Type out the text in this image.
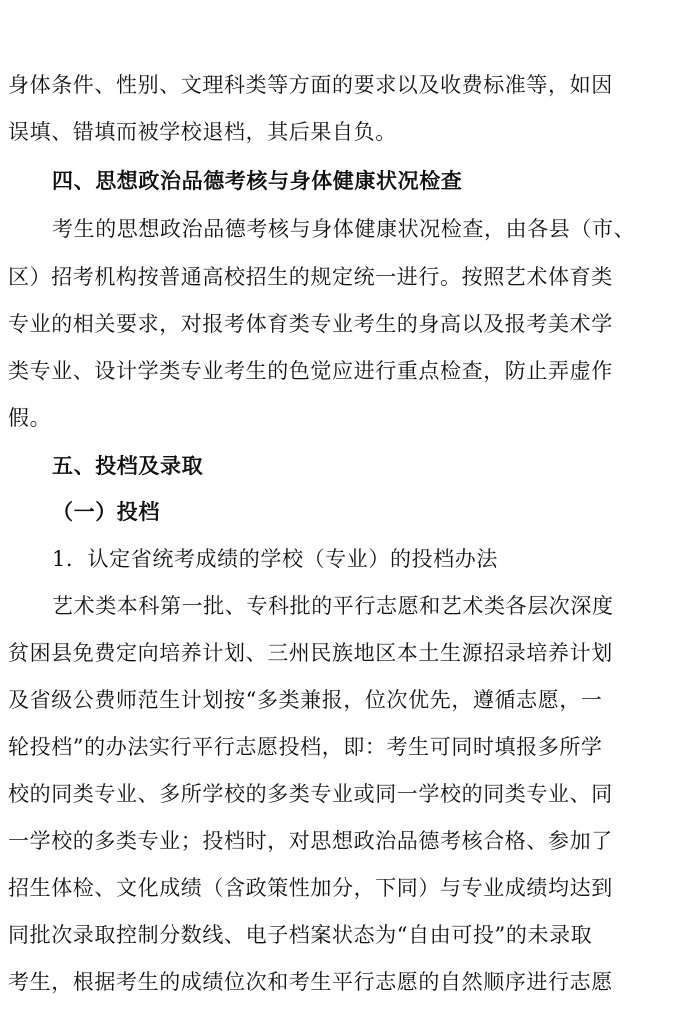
身体条件、性别、文理科类等方面的要求以及收费标准等，如因
误填、错填而被学校退档，其后果自负。
四、思想政治品德考核与身体健康状况检查
考生的思想政治品德考核与身体健康状况检查，由各县（市、
区）招考机构按普通高校招生的规定统一进行。按照艺术体育类
专业的相关要求，对报考体育类专业考生的身高以及报考美术学
类专业、设计学类专业考生的色觉应进行重点检查，防止弄虚作
假。
五、投档及录取
（一）投档
1．认定省统考成绩的学校（专业）的投档办法
艺术类本科第一批、专科批的平行志愿和艺术类各层次深度
贫困县免费定向培养计划、三州民族地区本土生源招录培养计划
及省级公费师范生计划按“多类兼报，位次优先，遵循志愿，一
轮投档”的办法实行平行志愿投档，即：考生可同时填报多所学
校的同类专业、多所学校的多类专业或同一学校的同类专业、同
一学校的多类专业；投档时，对思想政治品德考核合格、参加了
招生体检、文化成绩（含政策性加分，下同）与专业成绩均达到
同批次录取控制分数线、电子档案状态为“自由可投”的未录取
考生，根据考生的成绩位次和考生平行志愿的自然顺序进行志愿
